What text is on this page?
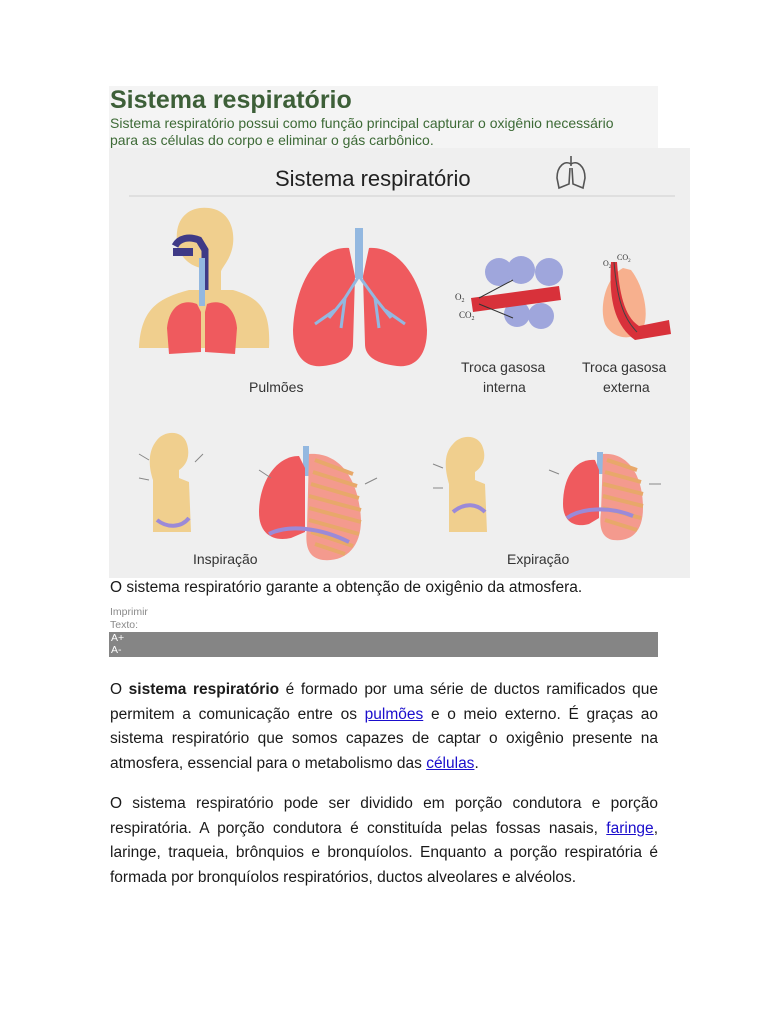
Sistema respiratório

Sistema respiratório possui como função principal capturar o oxigênio necessário para as células do corpo e eliminar o gás carbônico.

Sistema respiratório
Pulmões
$O_2$
$CO_2$
Troca gasosa
interna
$O_2$
$CO_2$
Troca gasosa
externa
Inspiração	Expiração
O sistema respiratório garante a obtenção de oxigênio da atmosfera.
Imprimir
Texto:
A+
A-

O sistema respiratório é formado por uma série de ductos ramificados que permitem a comunicação entre os pulmões e o meio externo. É graças ao sistema respiratório que somos capazes de captar o oxigênio presente na atmosfera, essencial para o metabolismo das células.

O sistema respiratório pode ser dividido em porção condutora e porção respiratória. A porção condutora é constituída pelas fossas nasais, faringe, laringe, traqueia, brônquios e bronquíolos. Enquanto a porção respiratória é formada por bronquíolos respiratórios, ductos alveolares e alvéolos.
